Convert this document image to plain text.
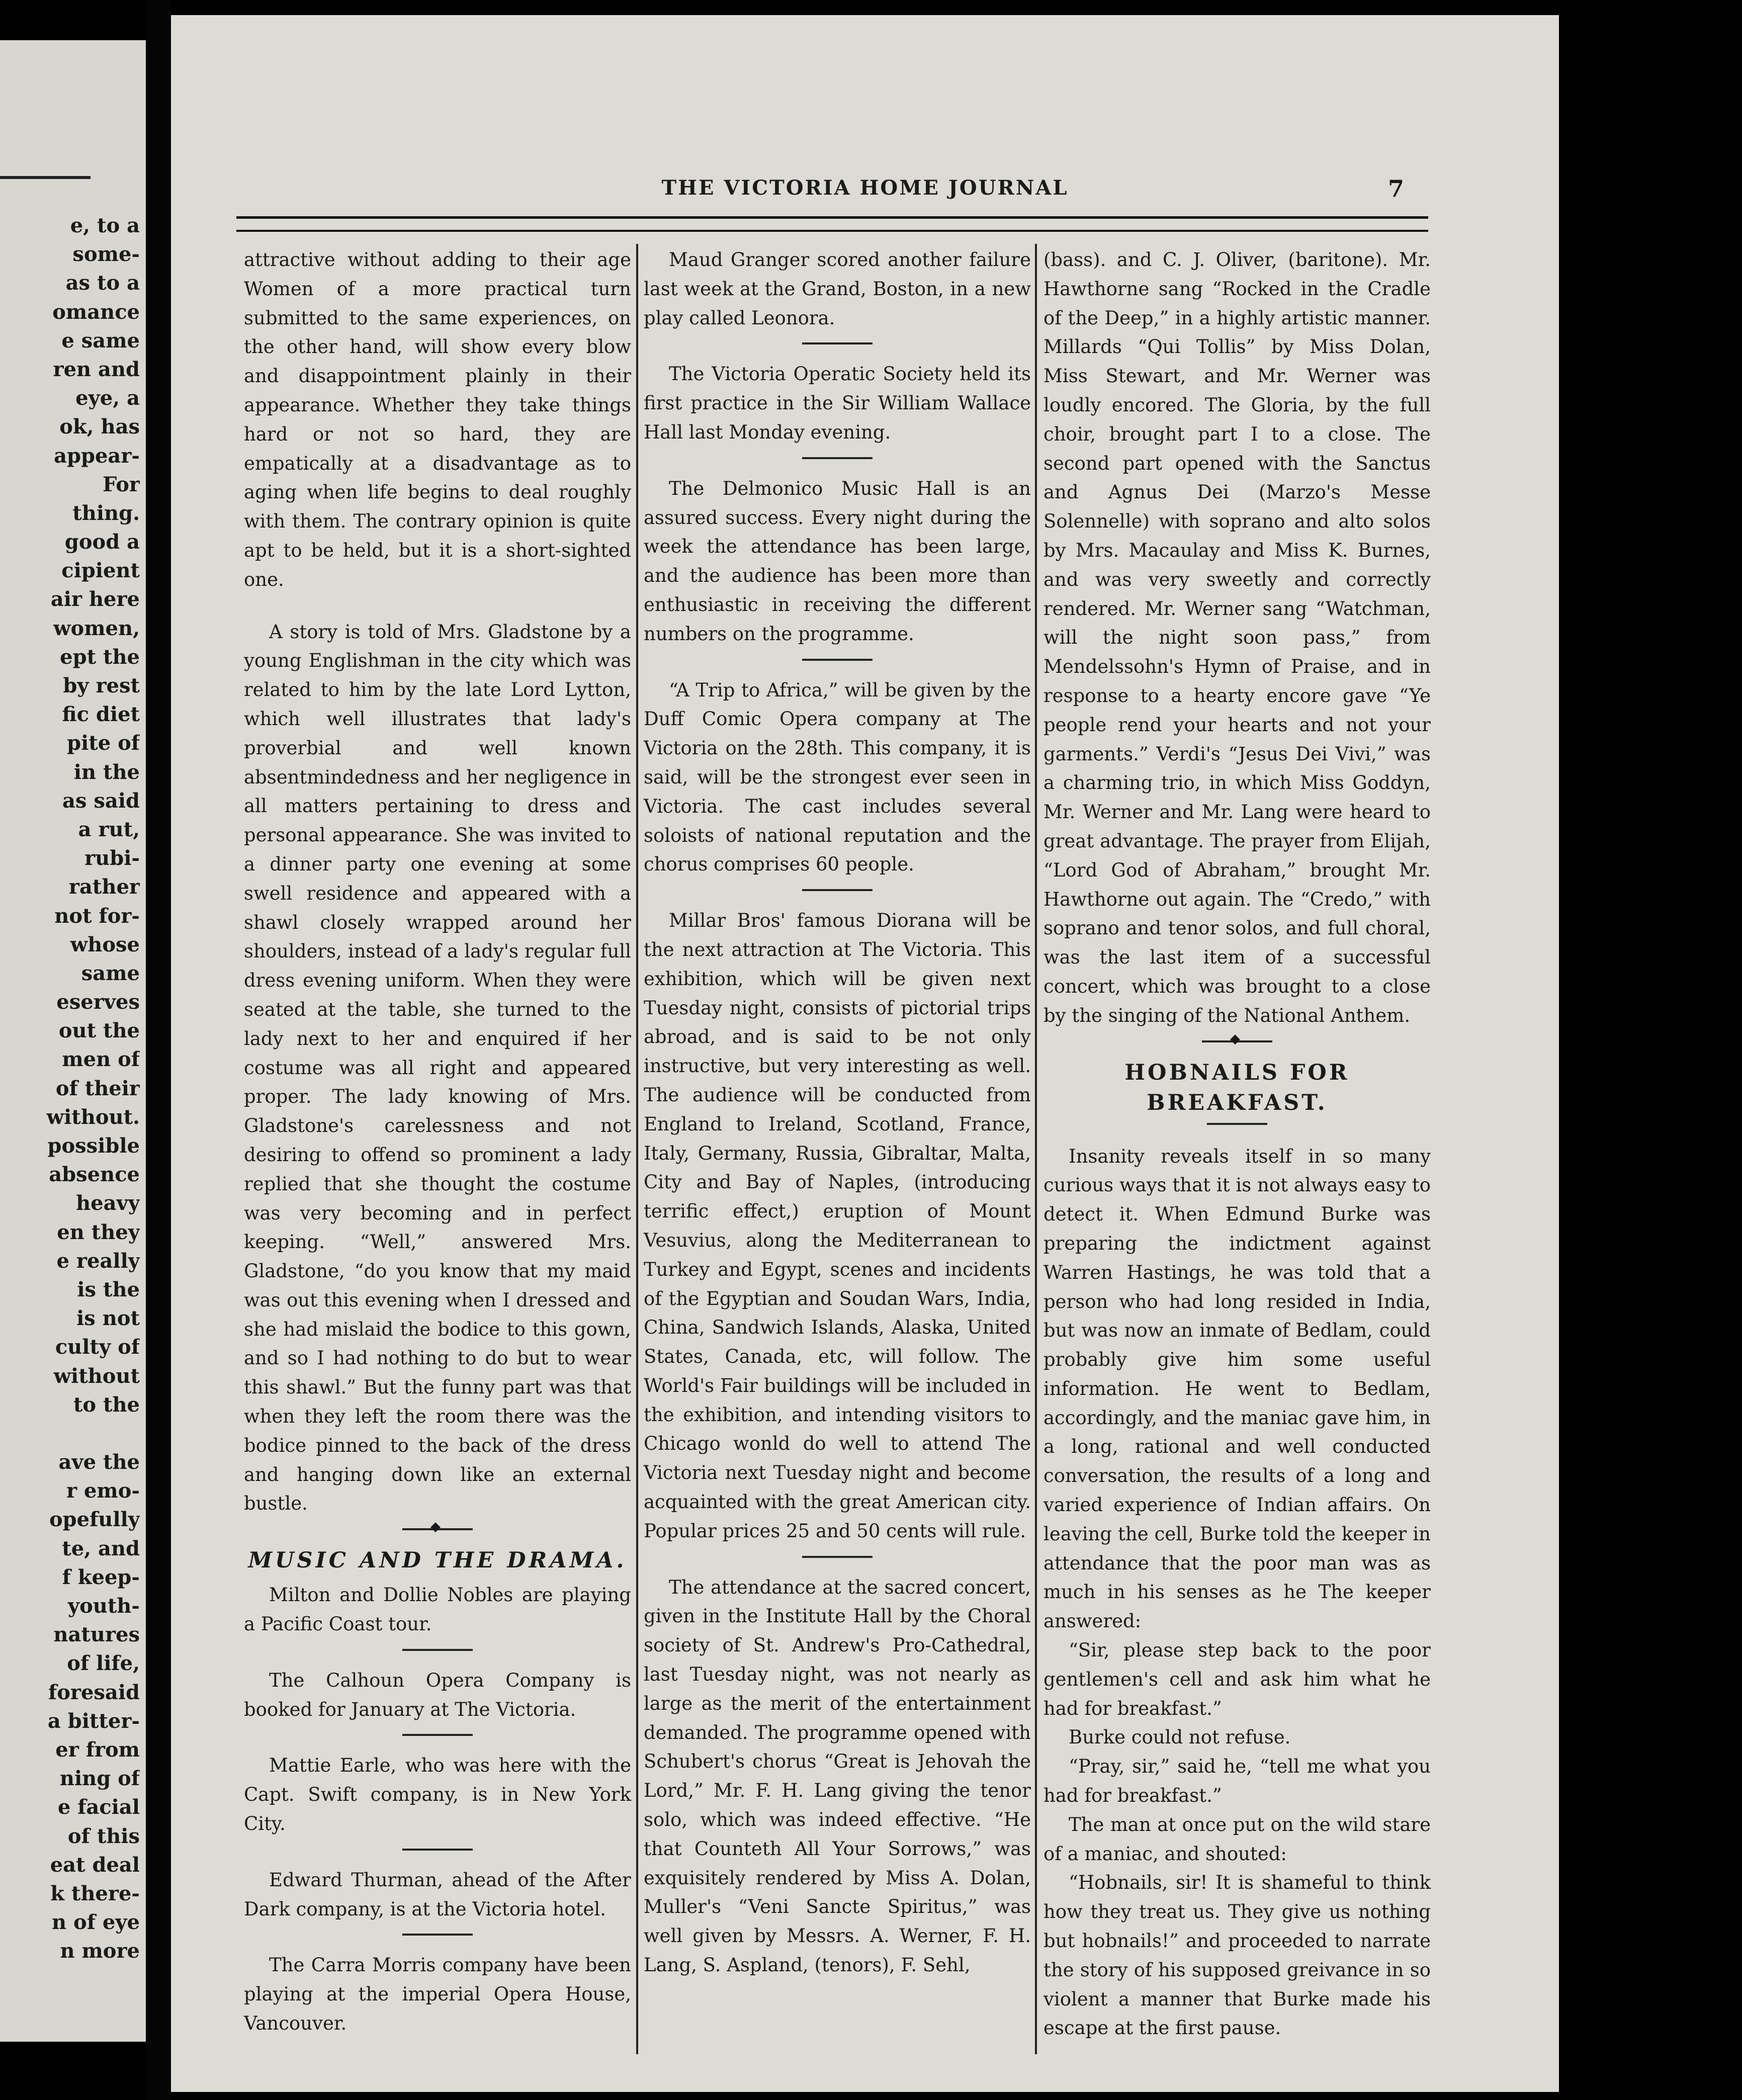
e, to a
some-
as to a
omance
e same
ren and
eye, a
ok, has
appear-
For
thing.
good a
cipient
air here
women,
ept the
by rest
fic diet
pite of
in the
as said
a rut,
rubi-
rather
not for-
whose
same
eserves
out the
men of
of their
without.
possible
absence
heavy
en they
e really
is the
is not
culty of
without
to the
ave the
r emo-
opefully
te, and
f keep-
youth-
natures
of life,
foresaid
a bitter-
er from
ning of
e facial
of this
eat deal
k there-
n of eye
n more
THE VICTORIA HOME JOURNAL	7

attractive without adding to their age Women of a more practical turn submitted to the same experiences, on the other hand, will show every blow and disappointment plainly in their appearance. Whether they take things hard or not so hard, they are empatically at a disadvantage as to aging when life begins to deal roughly with them. The contrary opinion is quite apt to be held, but it is a short-sighted one.

A story is told of Mrs. Gladstone by a young Englishman in the city which was related to him by the late Lord Lytton, which well illustrates that lady's proverbial and well known absentmindedness and her negligence in all matters pertaining to dress and personal appearance. She was invited to a dinner party one evening at some swell residence and appeared with a shawl closely wrapped around her shoulders, instead of a lady's regular full dress evening uniform. When they were seated at the table, she turned to the lady next to her and enquired if her costume was all right and appeared proper. The lady knowing of Mrs. Gladstone's carelessness and not desiring to offend so prominent a lady replied that she thought the costume was very becoming and in perfect keeping. “Well,” answered Mrs. Gladstone, “do you know that my maid was out this evening when I dressed and she had mislaid the bodice to this gown, and so I had nothing to do but to wear this shawl.” But the funny part was that when they left the room there was the bodice pinned to the back of the dress and hanging down like an external bustle.

◆
MUSIC AND THE DRAMA.

Milton and Dollie Nobles are playing a Pacific Coast tour.

The Calhoun Opera Company is booked for January at The Victoria.

Mattie Earle, who was here with the Capt. Swift company, is in New York City.

Edward Thurman, ahead of the After Dark company, is at the Victoria hotel.

The Carra Morris company have been playing at the imperial Opera House, Vancouver.

Maud Granger scored another failure last week at the Grand, Boston, in a new play called Leonora.

The Victoria Operatic Society held its first practice in the Sir William Wallace Hall last Monday evening.

The Delmonico Music Hall is an assured success. Every night during the week the attendance has been large, and the audience has been more than enthusiastic in receiving the different numbers on the programme.

“A Trip to Africa,” will be given by the Duff Comic Opera company at The Victoria on the 28th. This company, it is said, will be the strongest ever seen in Victoria. The cast includes several soloists of national reputation and the chorus comprises 60 people.

Millar Bros' famous Diorana will be the next attraction at The Victoria. This exhibition, which will be given next Tuesday night, consists of pictorial trips abroad, and is said to be not only instructive, but very interesting as well. The audience will be conducted from England to Ireland, Scotland, France, Italy, Germany, Russia, Gibraltar, Malta, City and Bay of Naples, (introducing terrific effect,) eruption of Mount Vesuvius, along the Mediterranean to Turkey and Egypt, scenes and incidents of the Egyptian and Soudan Wars, India, China, Sandwich Islands, Alaska, United States, Canada, etc, will follow. The World's Fair buildings will be included in the exhibition, and intending visitors to Chicago wonld do well to attend The Victoria next Tuesday night and become acquainted with the great American city. Popular prices 25 and 50 cents will rule.

The attendance at the sacred concert, given in the Institute Hall by the Choral society of St. Andrew's Pro-Cathedral, last Tuesday night, was not nearly as large as the merit of the entertainment demanded. The programme opened with Schubert's chorus “Great is Jehovah the Lord,” Mr. F. H. Lang giving the tenor solo, which was indeed effective. “He that Counteth All Your Sorrows,” was exquisitely rendered by Miss A. Dolan, Muller's “Veni Sancte Spiritus,” was well given by Messrs. A. Werner, F. H. Lang, S. Aspland, (tenors), F. Sehl,

(bass). and C. J. Oliver, (baritone). Mr. Hawthorne sang “Rocked in the Cradle of the Deep,” in a highly artistic manner. Millards “Qui Tollis” by Miss Dolan, Miss Stewart, and Mr. Werner was loudly encored. The Gloria, by the full choir, brought part I to a close. The second part opened with the Sanctus and Agnus Dei (Marzo's Messe Solennelle) with soprano and alto solos by Mrs. Macaulay and Miss K. Burnes, and was very sweetly and correctly rendered. Mr. Werner sang “Watchman, will the night soon pass,” from Mendelssohn's Hymn of Praise, and in response to a hearty encore gave “Ye people rend your hearts and not your garments.” Verdi's “Jesus Dei Vivi,” was a charming trio, in which Miss Goddyn, Mr. Werner and Mr. Lang were heard to great advantage. The prayer from Elijah, “Lord God of Abraham,” brought Mr. Hawthorne out again. The “Credo,” with soprano and tenor solos, and full choral, was the last item of a successful concert, which was brought to a close by the singing of the National Anthem.

◆
HOBNAILS FOR BREAKFAST.

Insanity reveals itself in so many curious ways that it is not always easy to detect it. When Edmund Burke was preparing the indictment against Warren Hastings, he was told that a person who had long resided in India, but was now an inmate of Bedlam, could probably give him some useful information. He went to Bedlam, accordingly, and the maniac gave him, in a long, rational and well conducted conversation, the results of a long and varied experience of Indian affairs. On leaving the cell, Burke told the keeper in attendance that the poor man was as much in his senses as he The keeper answered:

“Sir, please step back to the poor gentlemen's cell and ask him what he had for breakfast.”

Burke could not refuse.

“Pray, sir,” said he, “tell me what you had for breakfast.”

The man at once put on the wild stare of a maniac, and shouted:

“Hobnails, sir! It is shameful to think how they treat us. They give us nothing but hobnails!” and proceeded to narrate the story of his supposed greivance in so violent a manner that Burke made his escape at the first pause.
